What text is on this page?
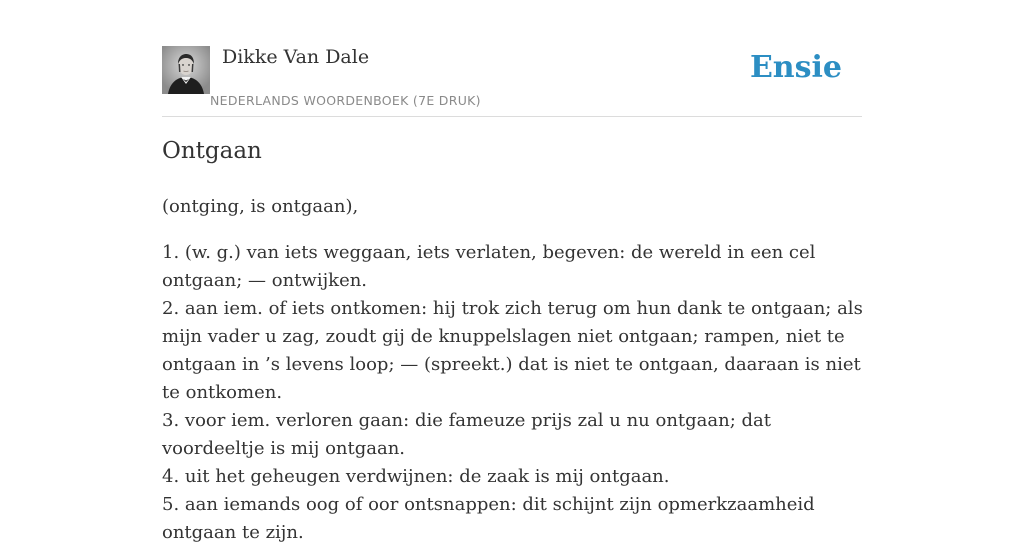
Dikke Van Dale
NEDERLANDS WOORDENBOEK (7E DRUK)
Ensie
Ontgaan

(ontging, is ontgaan),

1. (w. g.) van iets weggaan, iets verlaten, begeven: de wereld in een cel ontgaan; — ontwijken.

2. aan iem. of iets ontkomen: hij trok zich terug om hun dank te ontgaan; als mijn vader u zag, zoudt gij de knuppelslagen niet ontgaan; rampen, niet te ontgaan in ’s levens loop; — (spreekt.) dat is niet te ontgaan, daaraan is niet te ontkomen.

3. voor iem. verloren gaan: die fameuze prijs zal u nu ontgaan; dat voordeeltje is mij ontgaan.

4. uit het geheugen verdwijnen: de zaak is mij ontgaan.

5. aan iemands oog of oor ontsnappen: dit schijnt zijn opmerkzaamheid ontgaan te zijn.
